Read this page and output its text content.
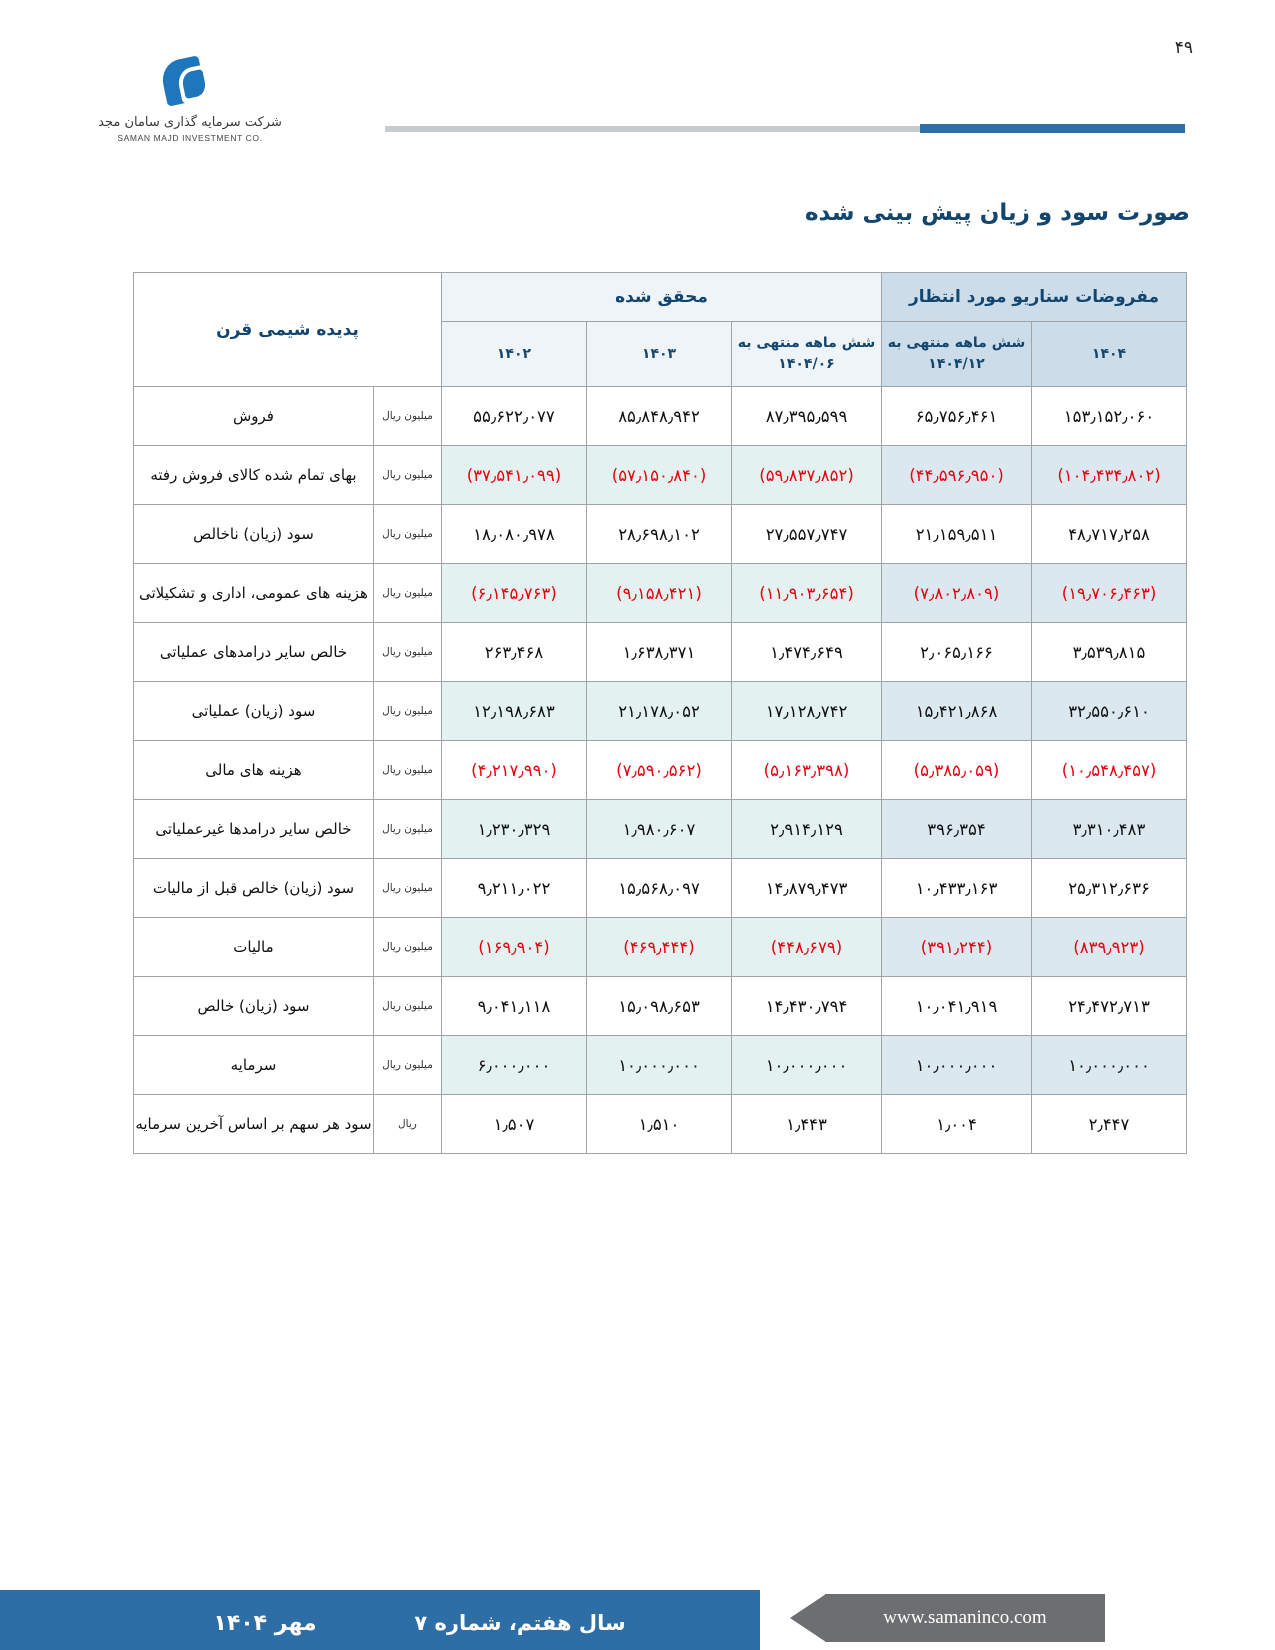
۴۹
شرکت سرمایه گذاری سامان مجد
SAMAN MAJD INVESTMENT CO.
صورت سود و زیان پیش بینی شده
مفروضات سناریو مورد انتظار		محقق شده			پدیده شیمی قرن	
۱۴۰۴	شش ماهه منتهی به ۱۴۰۴/۱۲	شش ماهه منتهی به ۱۴۰۴/۰۶	۱۴۰۳	۱۴۰۲		
۱۵۳٫۱۵۲٫۰۶۰	۶۵٫۷۵۶٫۴۶۱	۸۷٫۳۹۵٫۵۹۹	۸۵٫۸۴۸٫۹۴۲	۵۵٫۶۲۲٫۰۷۷	میلیون ریال	فروش
(۱۰۴٫۴۳۴٫۸۰۲)	(۴۴٫۵۹۶٫۹۵۰)	(۵۹٫۸۳۷٫۸۵۲)	(۵۷٫۱۵۰٫۸۴۰)	(۳۷٫۵۴۱٫۰۹۹)	میلیون ریال	بهای تمام شده کالای فروش رفته
۴۸٫۷۱۷٫۲۵۸	۲۱٫۱۵۹٫۵۱۱	۲۷٫۵۵۷٫۷۴۷	۲۸٫۶۹۸٫۱۰۲	۱۸٫۰۸۰٫۹۷۸	میلیون ریال	سود (زیان) ناخالص
(۱۹٫۷۰۶٫۴۶۳)	(۷٫۸۰۲٫۸۰۹)	(۱۱٫۹۰۳٫۶۵۴)	(۹٫۱۵۸٫۴۲۱)	(۶٫۱۴۵٫۷۶۳)	میلیون ریال	هزینه های عمومی، اداری و تشکیلاتی
۳٫۵۳۹٫۸۱۵	۲٫۰۶۵٫۱۶۶	۱٫۴۷۴٫۶۴۹	۱٫۶۳۸٫۳۷۱	۲۶۳٫۴۶۸	میلیون ریال	خالص سایر درامدهای عملیاتی
۳۲٫۵۵۰٫۶۱۰	۱۵٫۴۲۱٫۸۶۸	۱۷٫۱۲۸٫۷۴۲	۲۱٫۱۷۸٫۰۵۲	۱۲٫۱۹۸٫۶۸۳	میلیون ریال	سود (زیان) عملیاتی
(۱۰٫۵۴۸٫۴۵۷)	(۵٫۳۸۵٫۰۵۹)	(۵٫۱۶۳٫۳۹۸)	(۷٫۵۹۰٫۵۶۲)	(۴٫۲۱۷٫۹۹۰)	میلیون ریال	هزینه های مالی
۳٫۳۱۰٫۴۸۳	۳۹۶٫۳۵۴	۲٫۹۱۴٫۱۲۹	۱٫۹۸۰٫۶۰۷	۱٫۲۳۰٫۳۲۹	میلیون ریال	خالص سایر درامدها غیرعملیاتی
۲۵٫۳۱۲٫۶۳۶	۱۰٫۴۳۳٫۱۶۳	۱۴٫۸۷۹٫۴۷۳	۱۵٫۵۶۸٫۰۹۷	۹٫۲۱۱٫۰۲۲	میلیون ریال	سود (زیان) خالص قبل از مالیات
(۸۳۹٫۹۲۳)	(۳۹۱٫۲۴۴)	(۴۴۸٫۶۷۹)	(۴۶۹٫۴۴۴)	(۱۶۹٫۹۰۴)	میلیون ریال	مالیات
۲۴٫۴۷۲٫۷۱۳	۱۰٫۰۴۱٫۹۱۹	۱۴٫۴۳۰٫۷۹۴	۱۵٫۰۹۸٫۶۵۳	۹٫۰۴۱٫۱۱۸	میلیون ریال	سود (زیان) خالص
۱۰٫۰۰۰٫۰۰۰	۱۰٫۰۰۰٫۰۰۰	۱۰٫۰۰۰٫۰۰۰	۱۰٫۰۰۰٫۰۰۰	۶٫۰۰۰٫۰۰۰	میلیون ریال	سرمایه
۲٫۴۴۷	۱٫۰۰۴	۱٫۴۴۳	۱٫۵۱۰	۱٫۵۰۷	ریال	سود هر سهم بر اساس آخرین سرمایه
مهر ۱۴۰۴	سال هفتم، شماره ۷	www.samaninco.com
